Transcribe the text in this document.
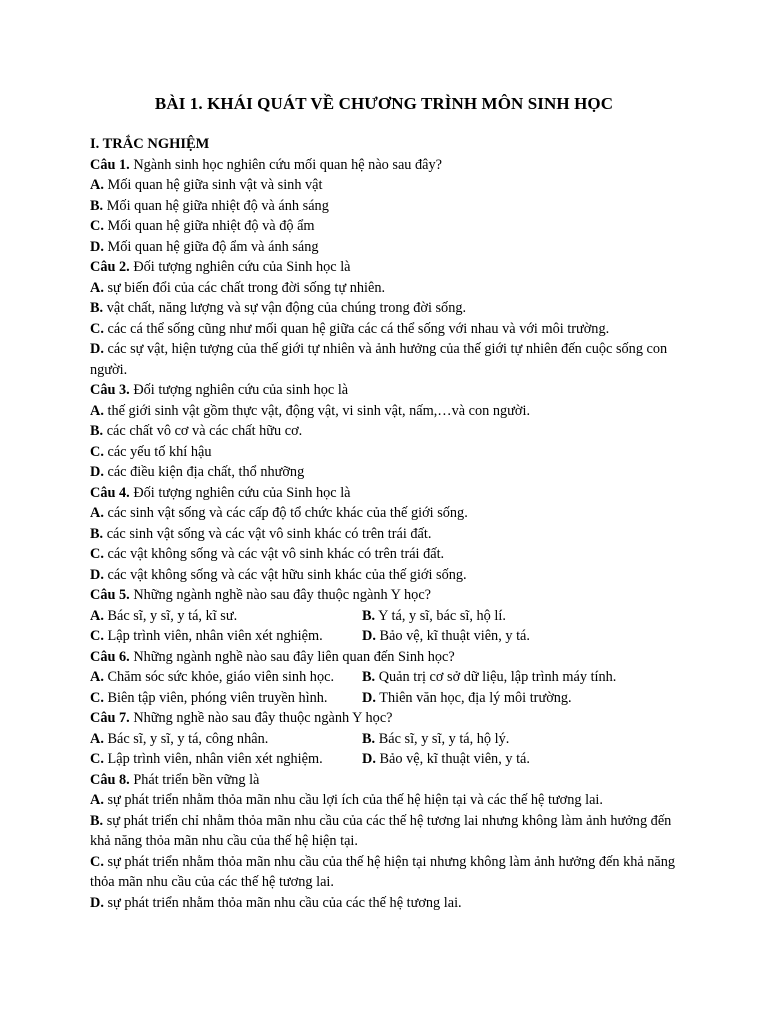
BÀI 1. KHÁI QUÁT VỀ CHƯƠNG TRÌNH MÔN SINH HỌC
I. TRẮC NGHIỆM
Câu 1. Ngành sinh học nghiên cứu mối quan hệ nào sau đây?
A. Mối quan hệ giữa sinh vật và sinh vật
B. Mối quan hệ giữa nhiệt độ và ánh sáng
C. Mối quan hệ giữa nhiệt độ và độ ẩm
D. Mối quan hệ giữa độ ẩm và ánh sáng
Câu 2. Đối tượng nghiên cứu của Sinh học là
A. sự biến đổi của các chất trong đời sống tự nhiên.
B. vật chất, năng lượng và sự vận động của chúng trong đời sống.
C. các cá thể sống cũng như mối quan hệ giữa các cá thể sống với nhau và với môi trường.
D. các sự vật, hiện tượng của thế giới tự nhiên và ảnh hưởng của thế giới tự nhiên đến cuộc sống con người.
Câu 3. Đối tượng nghiên cứu của sinh học là
A. thế giới sinh vật gồm thực vật, động vật, vi sinh vật, nấm,…và con người.
B. các chất vô cơ và các chất hữu cơ.
C. các yếu tố khí hậu
D. các điều kiện địa chất, thổ nhưỡng
Câu 4. Đối tượng nghiên cứu của Sinh học là
A. các sinh vật sống và các cấp độ tổ chức khác của thế giới sống.
B. các sinh vật sống và các vật vô sinh khác có trên trái đất.
C. các vật không sống và các vật vô sinh khác có trên trái đất.
D. các vật không sống và các vật hữu sinh khác của thế giới sống.
Câu 5. Những ngành nghề nào sau đây thuộc ngành Y học?
A. Bác sĩ, y sĩ, y tá, kĩ sư.	B. Y tá, y sĩ, bác sĩ, hộ lí.
C. Lập trình viên, nhân viên xét nghiệm.	D. Bảo vệ, kĩ thuật viên, y tá.
Câu 6. Những ngành nghề nào sau đây liên quan đến Sinh học?
A. Chăm sóc sức khỏe, giáo viên sinh học.	B. Quản trị cơ sở dữ liệu, lập trình máy tính.
C. Biên tập viên, phóng viên truyền hình.	D. Thiên văn học, địa lý môi trường.
Câu 7. Những nghề nào sau đây thuộc ngành Y học?
A. Bác sĩ, y sĩ, y tá, công nhân.	B. Bác sĩ, y sĩ, y tá, hộ lý.
C. Lập trình viên, nhân viên xét nghiệm.	D. Bảo vệ, kĩ thuật viên, y tá.
Câu 8. Phát triển bền vững là
A. sự phát triển nhằm thỏa mãn nhu cầu lợi ích của thế hệ hiện tại và các thế hệ tương lai.
B. sự phát triển chỉ nhằm thỏa mãn nhu cầu của các thế hệ tương lai nhưng không làm ảnh hưởng đến khả năng thỏa mãn nhu cầu của thế hệ hiện tại.
C. sự phát triển nhằm thỏa mãn nhu cầu của thế hệ hiện tại nhưng không làm ảnh hưởng đến khả năng thỏa mãn nhu cầu của các thế hệ tương lai.
D. sự phát triển nhằm thỏa mãn nhu cầu của các thế hệ tương lai.
